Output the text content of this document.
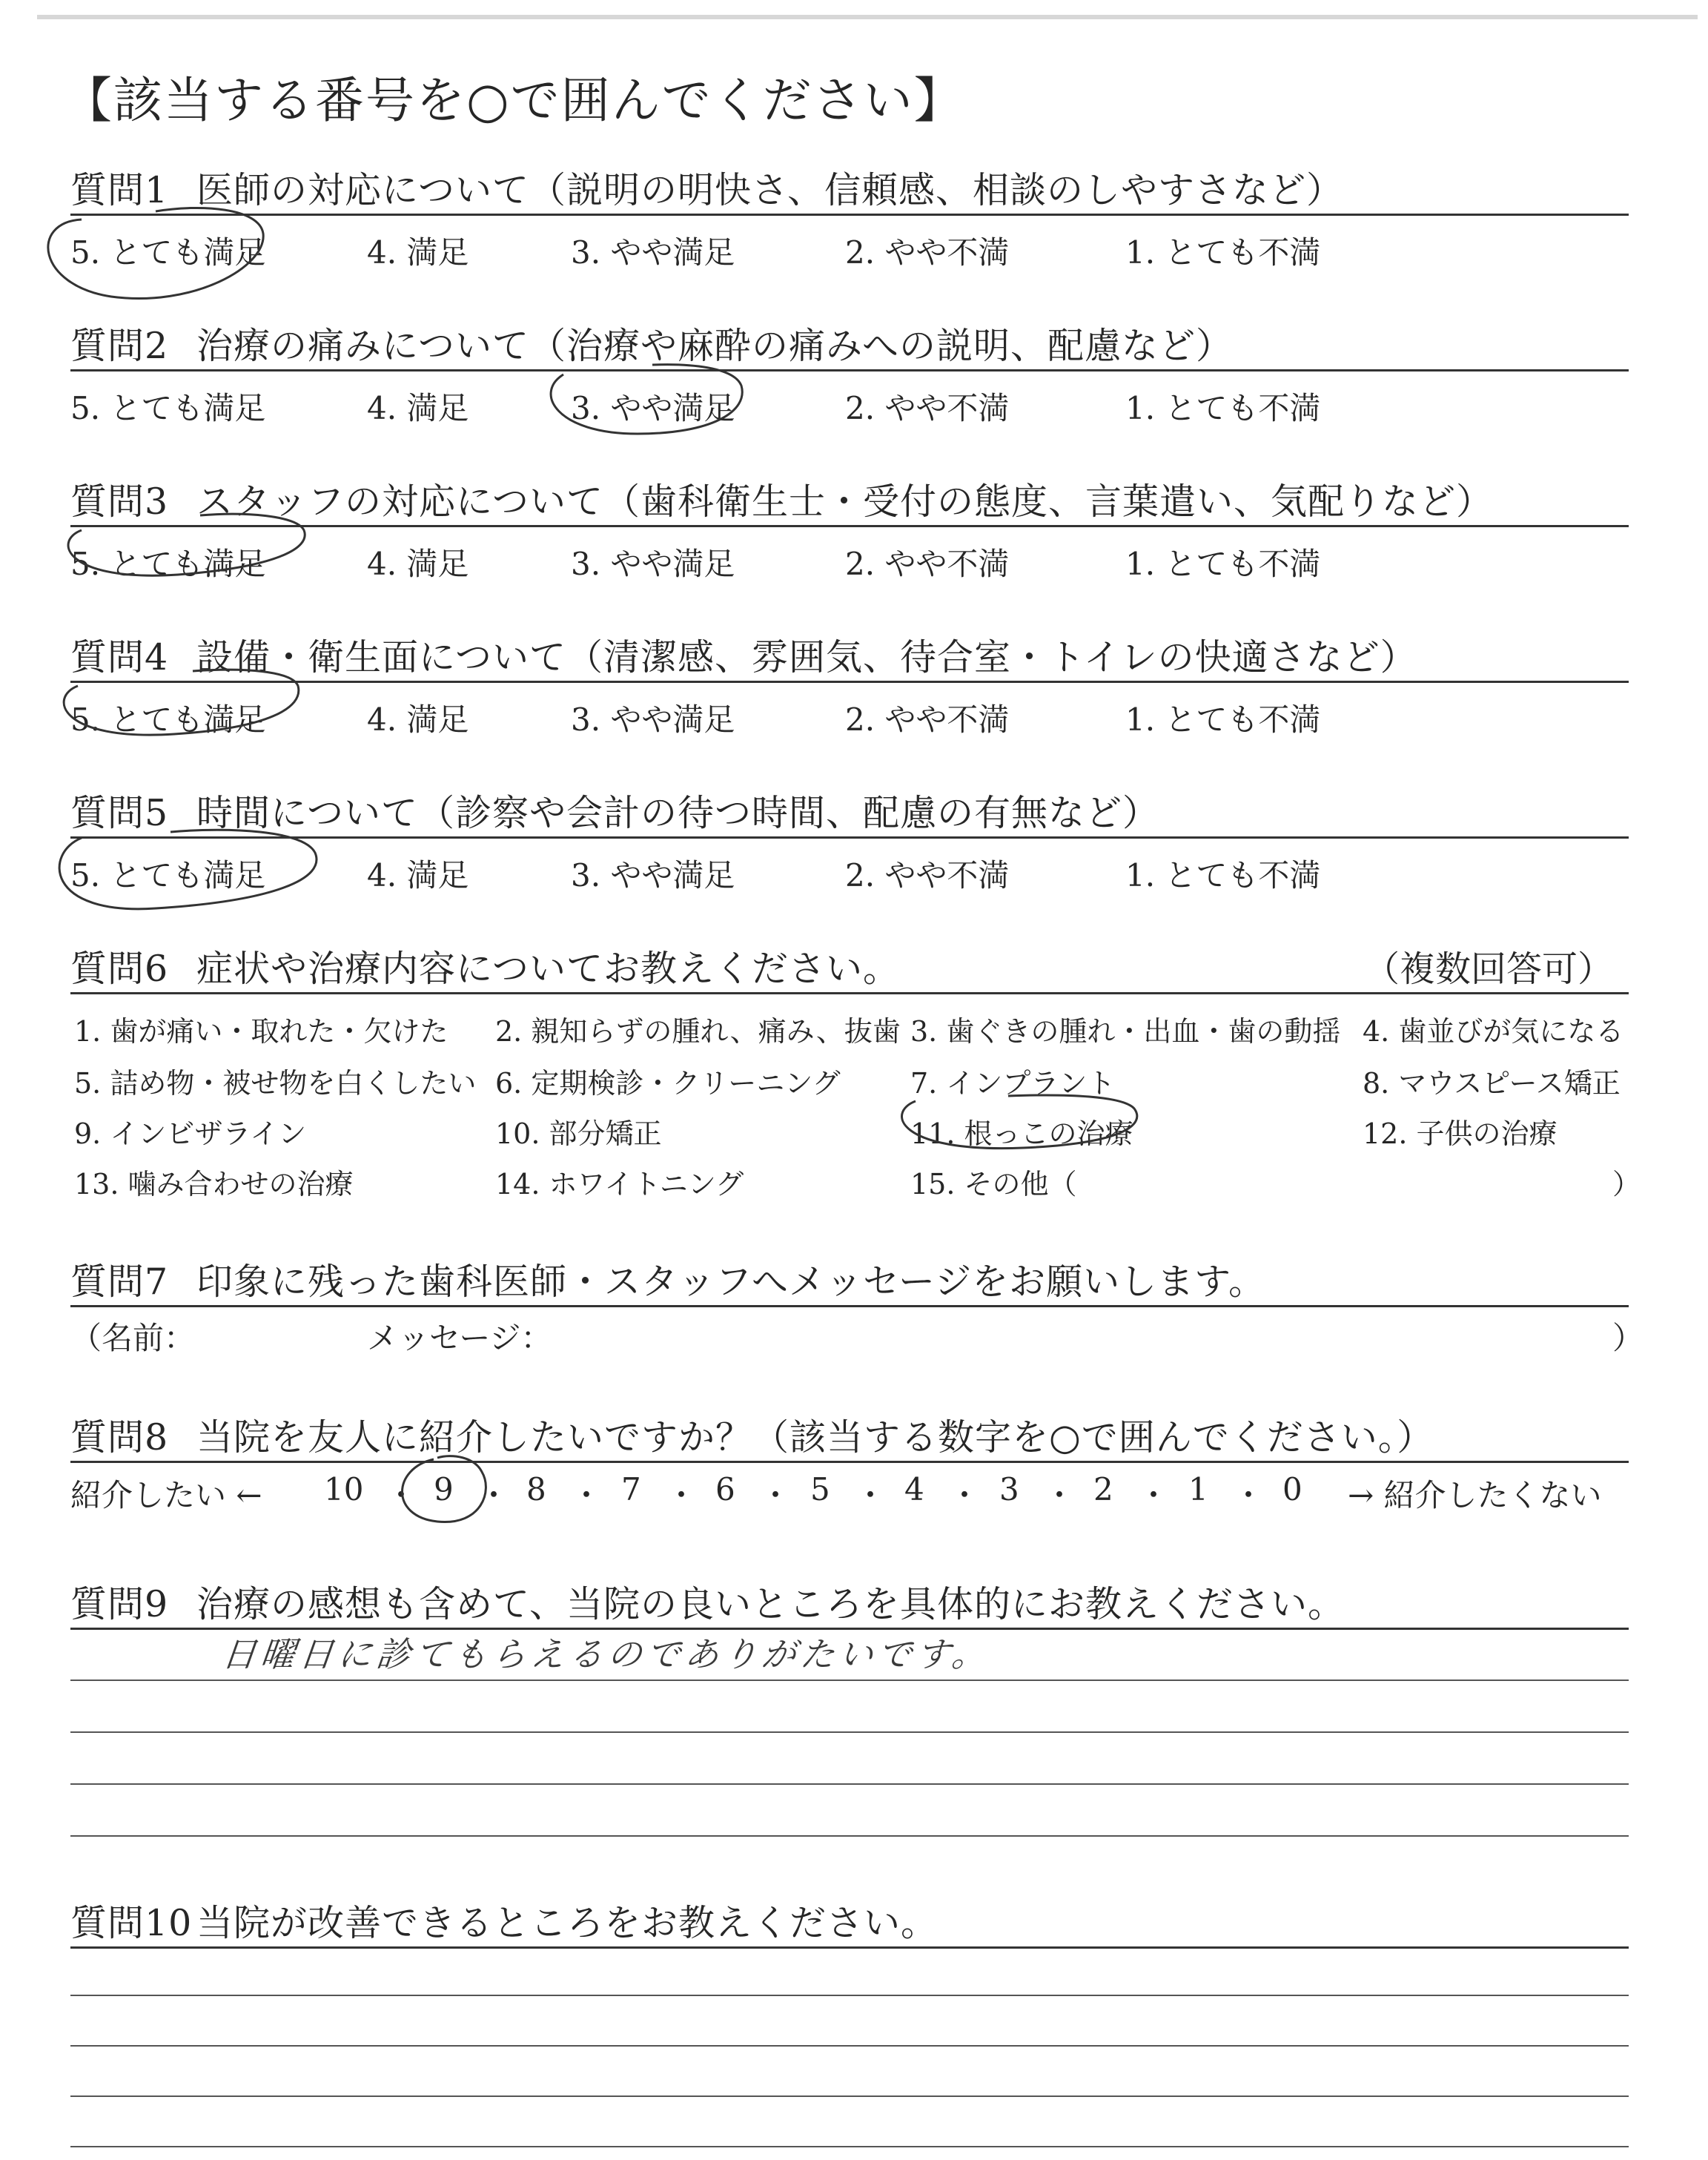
【該当する番号を○で囲んでください】
質問1 医師の対応について（説明の明快さ、信頼感、相談のしやすさなど）
5. とても満足	4. 満足	3. やや満足	2. やや不満	1. とても不満
質問2 治療の痛みについて（治療や麻酔の痛みへの説明、配慮など）
5. とても満足	4. 満足	3. やや満足	2. やや不満	1. とても不満
質問3 スタッフの対応について（歯科衛生士・受付の態度、言葉遣い、気配りなど）
5. とても満足	4. 満足	3. やや満足	2. やや不満	1. とても不満
質問4 設備・衛生面について（清潔感、雰囲気、待合室・トイレの快適さなど）
5. とても満足	4. 満足	3. やや満足	2. やや不満	1. とても不満
質問5 時間について（診察や会計の待つ時間、配慮の有無など）
5. とても満足	4. 満足	3. やや満足	2. やや不満	1. とても不満
質問6 症状や治療内容についてお教えください。	（複数回答可）
1. 歯が痛い・取れた・欠けた 2. 親知らずの腫れ、痛み、抜歯 3. 歯ぐきの腫れ・出血・歯の動揺 4. 歯並びが気になる
5. 詰め物・被せ物を白くしたい 6. 定期検診・クリーニング 7. インプラント	8. マウスピース矯正
9. インビザライン	10. 部分矯正	11. 根っこの治療	12. 子供の治療
13. 噛み合わせの治療	14. ホワイトニング	15. その他（	）
質問7 印象に残った歯科医師・スタッフへメッセージをお願いします。
（名前：	メッセージ：	）
質問8 当院を友人に紹介したいですか？（該当する数字を○で囲んでください。）
紹介したい ←	→ 紹介したくない
10 ・ 9 ・ 8 ・ 7 ・ 6 ・ 5 ・ 4 ・ 3 ・ 2 ・ 1 ・ 0
質問9 治療の感想も含めて、当院の良いところを具体的にお教えください。
日曜日に診てもらえるのでありがたいです。
質問10 当院が改善できるところをお教えください。
